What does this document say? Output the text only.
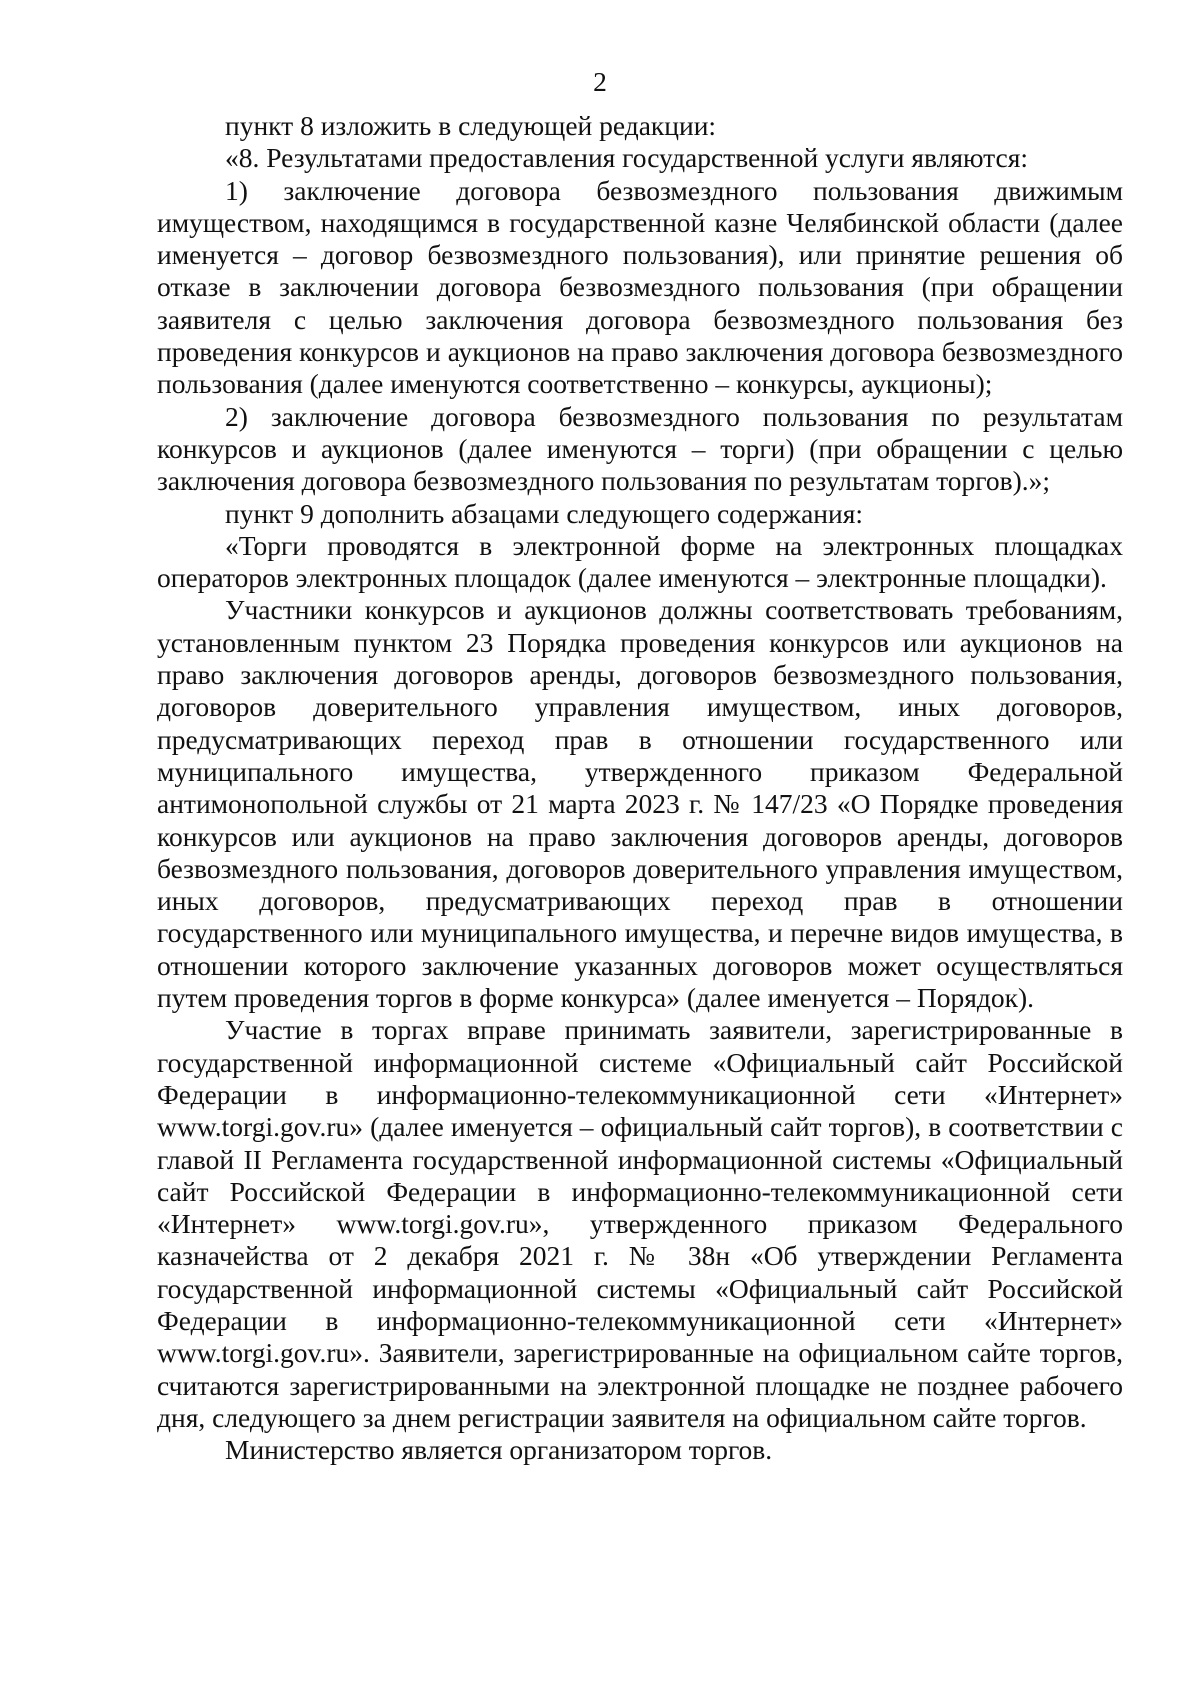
2

пункт 8 изложить в следующей редакции:

«8. Результатами предоставления государственной услуги являются:

1) заключение договора безвозмездного пользования движимым имуществом, находящимся в государственной казне Челябинской области (далее именуется – договор безвозмездного пользования), или принятие решения об отказе в заключении договора безвозмездного пользования (при обращении заявителя с целью заключения договора безвозмездного пользования без проведения конкурсов и аукционов на право заключения договора безвозмездного пользования (далее именуются соответственно – конкурсы, аукционы);

2) заключение договора безвозмездного пользования по результатам конкурсов и аукционов (далее именуются – торги) (при обращении с целью заключения договора безвозмездного пользования по результатам торгов).»;

пункт 9 дополнить абзацами следующего содержания:

«Торги проводятся в электронной форме на электронных площадках операторов электронных площадок (далее именуются – электронные площадки).

Участники конкурсов и аукционов должны соответствовать требованиям, установленным пунктом 23 Порядка проведения конкурсов или аукционов на право заключения договоров аренды, договоров безвозмездного пользования, договоров доверительного управления имуществом, иных договоров, предусматривающих переход прав в отношении государственного или муниципального имущества, утвержденного приказом Федеральной антимонопольной службы от 21 марта 2023 г. № 147/23 «О Порядке проведения конкурсов или аукционов на право заключения договоров аренды, договоров безвозмездного пользования, договоров доверительного управления имуществом, иных договоров, предусматривающих переход прав в отношении государственного или муниципального имущества, и перечне видов имущества, в отношении которого заключение указанных договоров может осуществляться путем проведения торгов в форме конкурса» (далее именуется – Порядок).

Участие в торгах вправе принимать заявители, зарегистрированные в государственной информационной системе «Официальный сайт Российской Федерации в информационно-телекоммуникационной сети «Интернет» www.torgi.gov.ru» (далее именуется – официальный сайт торгов), в соответствии с главой II Регламента государственной информационной системы «Официальный сайт Российской Федерации в информационно-телекоммуникационной сети «Интернет» www.torgi.gov.ru», утвержденного приказом Федерального казначейства от 2 декабря 2021 г. № 38н «Об утверждении Регламента государственной информационной системы «Официальный сайт Российской Федерации в информационно-телекоммуникационной сети «Интернет» www.torgi.gov.ru». Заявители, зарегистрированные на официальном сайте торгов, считаются зарегистрированными на электронной площадке не позднее рабочего дня, следующего за днем регистрации заявителя на официальном сайте торгов.

Министерство является организатором торгов.
